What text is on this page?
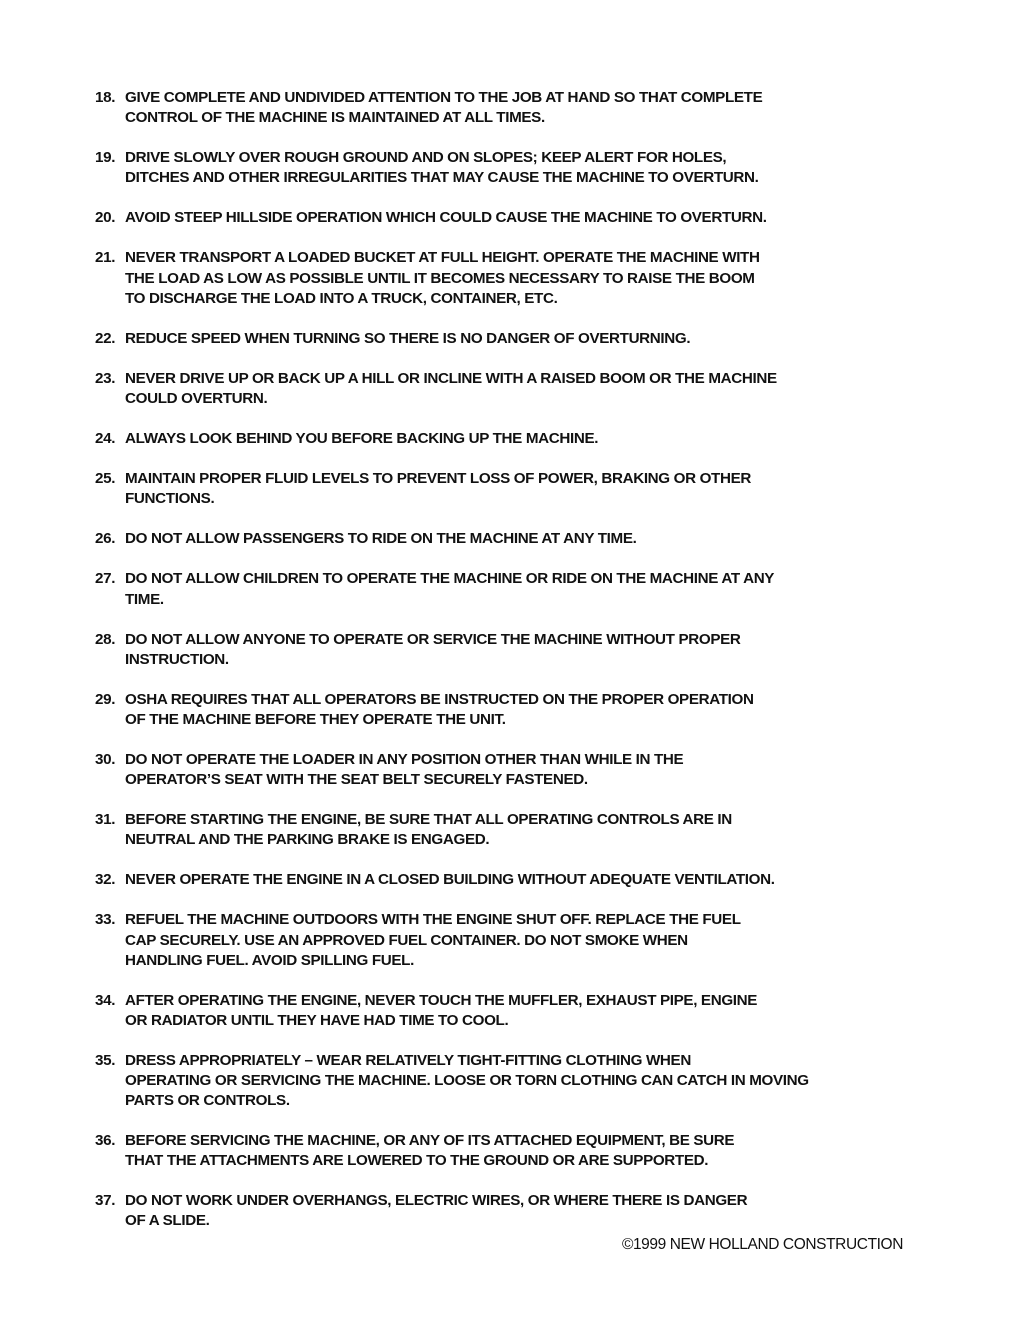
18. GIVE COMPLETE AND UNDIVIDED ATTENTION TO THE JOB AT HAND SO THAT COMPLETE
CONTROL OF THE MACHINE IS MAINTAINED AT ALL TIMES.
19. DRIVE SLOWLY OVER ROUGH GROUND AND ON SLOPES; KEEP ALERT FOR HOLES,
DITCHES AND OTHER IRREGULARITIES THAT MAY CAUSE THE MACHINE TO OVERTURN.
20. AVOID STEEP HILLSIDE OPERATION WHICH COULD CAUSE THE MACHINE TO OVERTURN.
21. NEVER TRANSPORT A LOADED BUCKET AT FULL HEIGHT. OPERATE THE MACHINE WITH
THE LOAD AS LOW AS POSSIBLE UNTIL IT BECOMES NECESSARY TO RAISE THE BOOM
TO DISCHARGE THE LOAD INTO A TRUCK, CONTAINER, ETC.
22. REDUCE SPEED WHEN TURNING SO THERE IS NO DANGER OF OVERTURNING.
23. NEVER DRIVE UP OR BACK UP A HILL OR INCLINE WITH A RAISED BOOM OR THE MACHINE
COULD OVERTURN.
24. ALWAYS LOOK BEHIND YOU BEFORE BACKING UP THE MACHINE.
25. MAINTAIN PROPER FLUID LEVELS TO PREVENT LOSS OF POWER, BRAKING OR OTHER
FUNCTIONS.
26. DO NOT ALLOW PASSENGERS TO RIDE ON THE MACHINE AT ANY TIME.
27. DO NOT ALLOW CHILDREN TO OPERATE THE MACHINE OR RIDE ON THE MACHINE AT ANY
TIME.
28. DO NOT ALLOW ANYONE TO OPERATE OR SERVICE THE MACHINE WITHOUT PROPER
INSTRUCTION.
29. OSHA REQUIRES THAT ALL OPERATORS BE INSTRUCTED ON THE PROPER OPERATION
OF THE MACHINE BEFORE THEY OPERATE THE UNIT.
30. DO NOT OPERATE THE LOADER IN ANY POSITION OTHER THAN WHILE IN THE
OPERATOR’S SEAT WITH THE SEAT BELT SECURELY FASTENED.
31. BEFORE STARTING THE ENGINE, BE SURE THAT ALL OPERATING CONTROLS ARE IN
NEUTRAL AND THE PARKING BRAKE IS ENGAGED.
32. NEVER OPERATE THE ENGINE IN A CLOSED BUILDING WITHOUT ADEQUATE VENTILATION.
33. REFUEL THE MACHINE OUTDOORS WITH THE ENGINE SHUT OFF. REPLACE THE FUEL
CAP SECURELY. USE AN APPROVED FUEL CONTAINER. DO NOT SMOKE WHEN
HANDLING FUEL. AVOID SPILLING FUEL.
34. AFTER OPERATING THE ENGINE, NEVER TOUCH THE MUFFLER, EXHAUST PIPE, ENGINE
OR RADIATOR UNTIL THEY HAVE HAD TIME TO COOL.
35. DRESS APPROPRIATELY – WEAR RELATIVELY TIGHT-FITTING CLOTHING WHEN
OPERATING OR SERVICING THE MACHINE. LOOSE OR TORN CLOTHING CAN CATCH IN MOVING
PARTS OR CONTROLS.
36. BEFORE SERVICING THE MACHINE, OR ANY OF ITS ATTACHED EQUIPMENT, BE SURE
THAT THE ATTACHMENTS ARE LOWERED TO THE GROUND OR ARE SUPPORTED.
37. DO NOT WORK UNDER OVERHANGS, ELECTRIC WIRES, OR WHERE THERE IS DANGER
OF A SLIDE.
©1999 NEW HOLLAND CONSTRUCTION
